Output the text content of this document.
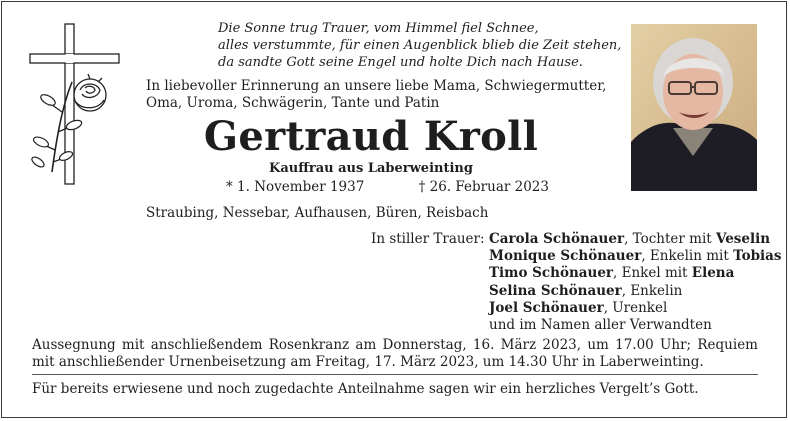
Die Sonne trug Trauer, vom Himmel fiel Schnee,
alles verstummte, für einen Augenblick blieb die Zeit stehen,
da sandte Gott seine Engel und holte Dich nach Hause.
In liebevoller Erinnerung an unsere liebe Mama, Schwiegermutter,
Oma, Uroma, Schwägerin, Tante und Patin
Gertraud Kroll
Kauffrau aus Laberweinting
* 1. November 1937	† 26. Februar 2023
Straubing, Nessebar, Aufhausen, Büren, Reisbach
In stiller Trauer: Carola Schönauer, Tochter mit Veselin
Monique Schönauer, Enkelin mit Tobias
Timo Schönauer, Enkel mit Elena
Selina Schönauer, Enkelin
Joel Schönauer, Urenkel
und im Namen aller Verwandten
Aussegnung mit anschließendem Rosenkranz am Donnerstag, 16. März 2023, um 17.00 Uhr; Requiem mit anschließender Urnenbeisetzung am Freitag, 17. März 2023, um 14.30 Uhr in Laberweinting.
Für bereits erwiesene und noch zugedachte Anteilnahme sagen wir ein herzliches Vergelt’s Gott.
